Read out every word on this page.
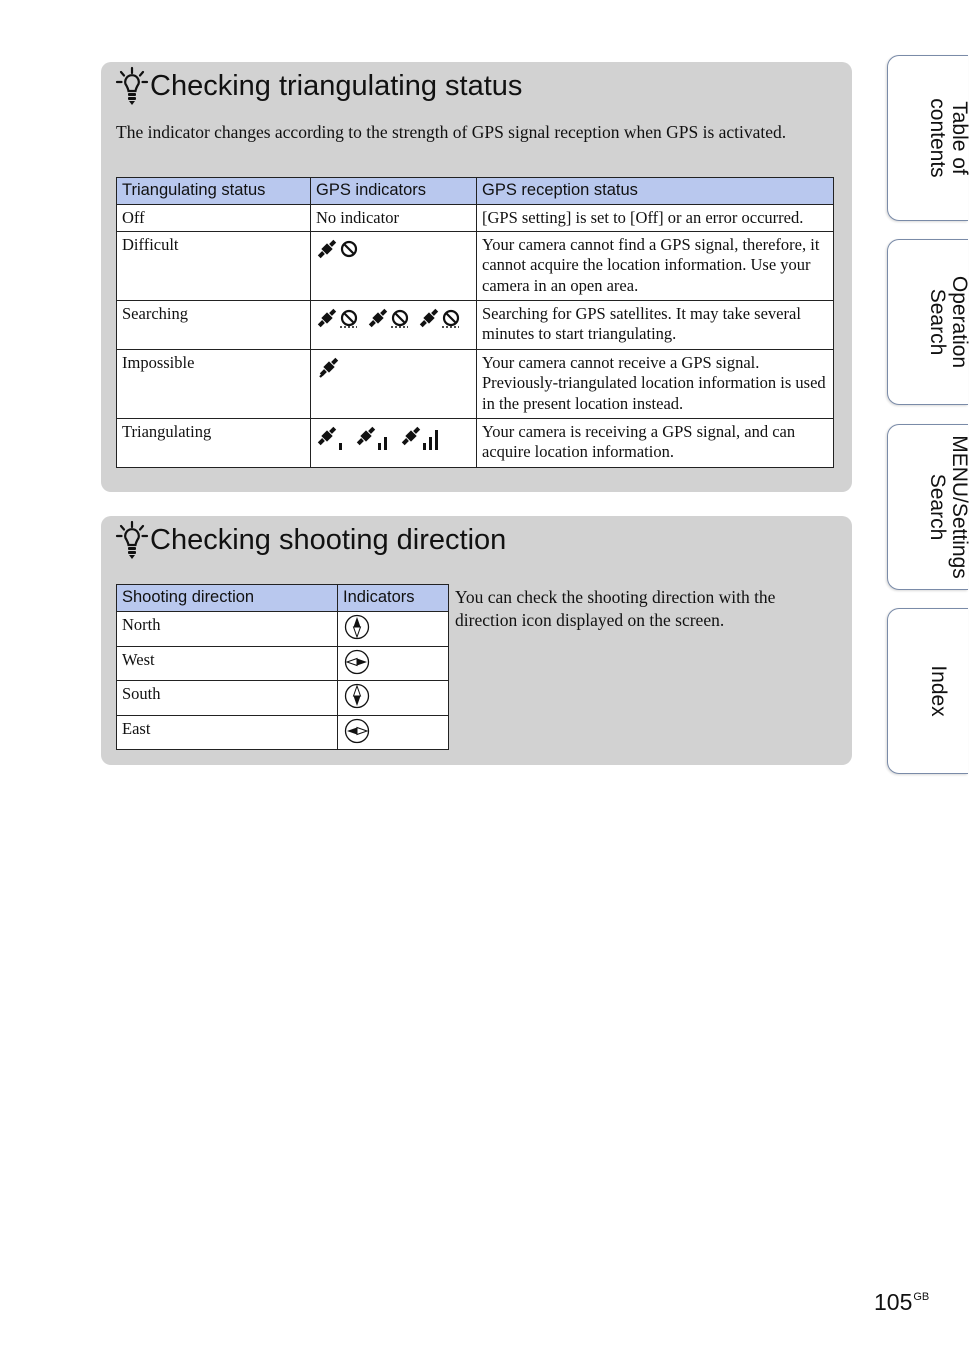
Checking triangulating status
The indicator changes according to the strength of GPS signal reception when GPS is activated.
Triangulating status	GPS indicators	GPS reception status
Off	No indicator	[GPS setting] is set to [Off] or an error occurred.
Difficult		Your camera cannot find a GPS signal, therefore, it cannot acquire the location information. Use your camera in an open area.
Searching		Searching for GPS satellites. It may take several minutes to start triangulating.
Impossible		Your camera cannot receive a GPS signal. Previously-triangulated location information is used in the present location instead.
Triangulating		Your camera is receiving a GPS signal, and can acquire location information.
Checking shooting direction
Shooting direction	Indicators
North	
West	
South	
East	
You can check the shooting direction with the direction icon displayed on the screen.
Table of contents
Operation Search
MENU/Settings Search
Index
$105^{GB}$
